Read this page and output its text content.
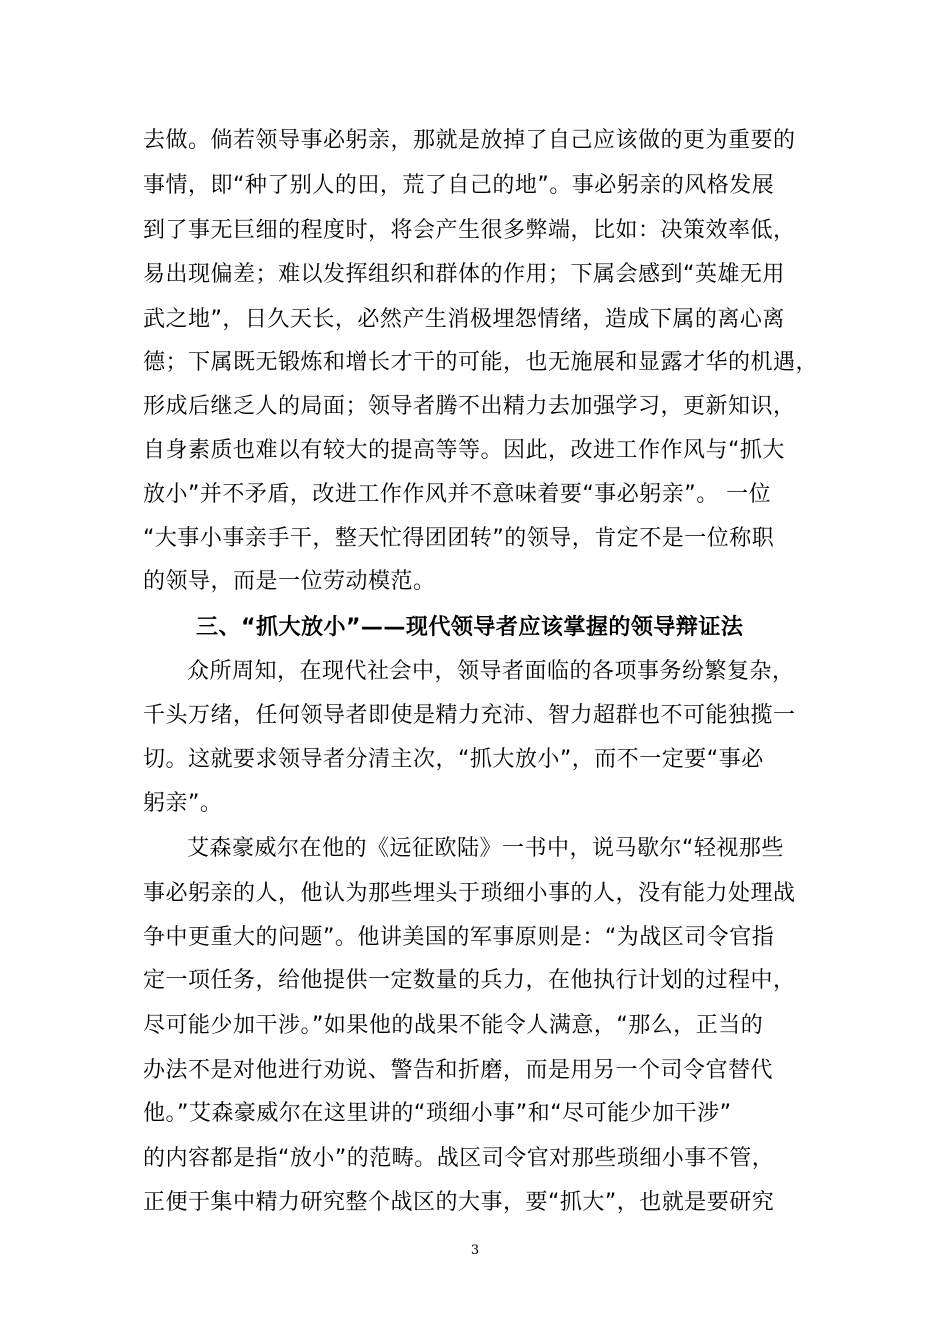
去做。倘若领导事必躬亲，那就是放掉了自己应该做的更为重要的
事情，即“种了别人的田，荒了自己的地”。事必躬亲的风格发展
到了事无巨细的程度时，将会产生很多弊端，比如：决策效率低，
易出现偏差；难以发挥组织和群体的作用；下属会感到“英雄无用
武之地”，日久天长，必然产生消极埋怨情绪，造成下属的离心离
德；下属既无锻炼和增长才干的可能，也无施展和显露才华的机遇，
形成后继乏人的局面；领导者腾不出精力去加强学习，更新知识，
自身素质也难以有较大的提高等等。因此，改进工作作风与“抓大
放小”并不矛盾，改进工作作风并不意味着要“事必躬亲”。 一位
“大事小事亲手干，整天忙得团团转”的领导，肯定不是一位称职
的领导，而是一位劳动模范。
三、“抓大放小”——现代领导者应该掌握的领导辩证法
众所周知，在现代社会中，领导者面临的各项事务纷繁复杂，
千头万绪，任何领导者即使是精力充沛、智力超群也不可能独揽一
切。这就要求领导者分清主次，“抓大放小”，而不一定要“事必
躬亲”。
艾森豪威尔在他的《远征欧陆》一书中，说马歇尔“轻视那些
事必躬亲的人，他认为那些埋头于琐细小事的人，没有能力处理战
争中更重大的问题”。他讲美国的军事原则是：“为战区司令官指
定一项任务，给他提供一定数量的兵力，在他执行计划的过程中，
尽可能少加干涉。”如果他的战果不能令人满意，“那么，正当的
办法不是对他进行劝说、警告和折磨，而是用另一个司令官替代
他。”艾森豪威尔在这里讲的“琐细小事”和“尽可能少加干涉”
的内容都是指“放小”的范畴。战区司令官对那些琐细小事不管，
正便于集中精力研究整个战区的大事，要“抓大”，也就是要研究
3
